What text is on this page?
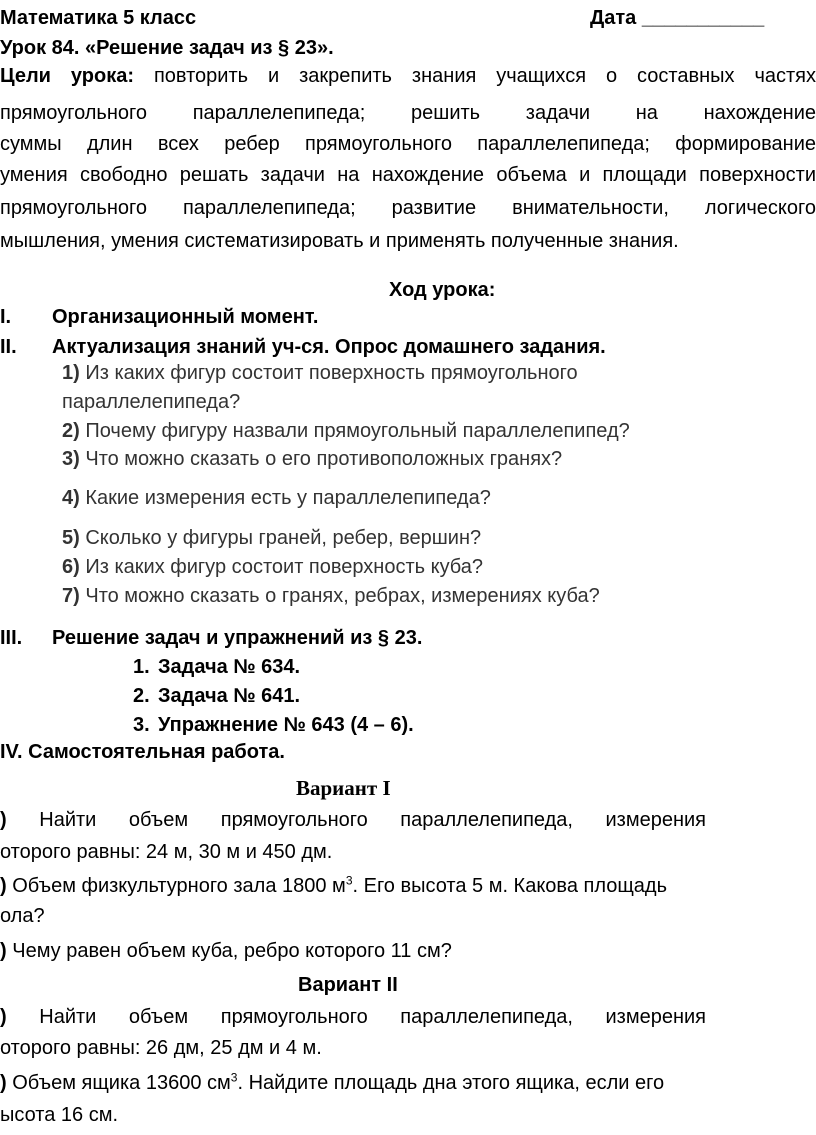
Математика 5 класс	Дата ___________
Урок 84. «Решение задач из § 23».
Цели урока: повторить и закрепить знания учащихся о составных частях
прямоугольного параллелепипеда; решить задачи на нахождение
суммы длин всех ребер прямоугольного параллелепипеда; формирование
умения свободно решать задачи на нахождение объема и площади поверхности
прямоугольного параллелепипеда; развитие внимательности, логического
мышления, умения систематизировать и применять полученные знания.
Ход урока:
I. Организационный момент.
II. Актуализация знаний уч-ся. Опрос домашнего задания.
1) Из каких фигур состоит поверхность прямоугольного
параллелепипеда?
2) Почему фигуру назвали прямоугольный параллелепипед?
3) Что можно сказать о его противоположных гранях?
4) Какие измерения есть у параллелепипеда?
5) Сколько у фигуры граней, ребер, вершин?
6) Из каких фигур состоит поверхность куба?
7) Что можно сказать о гранях, ребрах, измерениях куба?
III. Решение задач и упражнений из § 23.
1. Задача № 634.
2. Задача № 641.
3. Упражнение № 643 (4 – 6).
IV. Самостоятельная работа.
Вариант I
) Найти объем прямоугольного параллелепипеда, измерения
оторого равны: 24 м, 30 м и 450 дм.
) Объем физкультурного зала 1800 $м^3$. Его высота 5 м. Какова площадь
ола?
) Чему равен объем куба, ребро которого 11 см?
Вариант II
) Найти объем прямоугольного параллелепипеда, измерения
оторого равны: 26 дм, 25 дм и 4 м.
) Объем ящика 13600 $см^3$. Найдите площадь дна этого ящика, если его
ысота 16 см.
